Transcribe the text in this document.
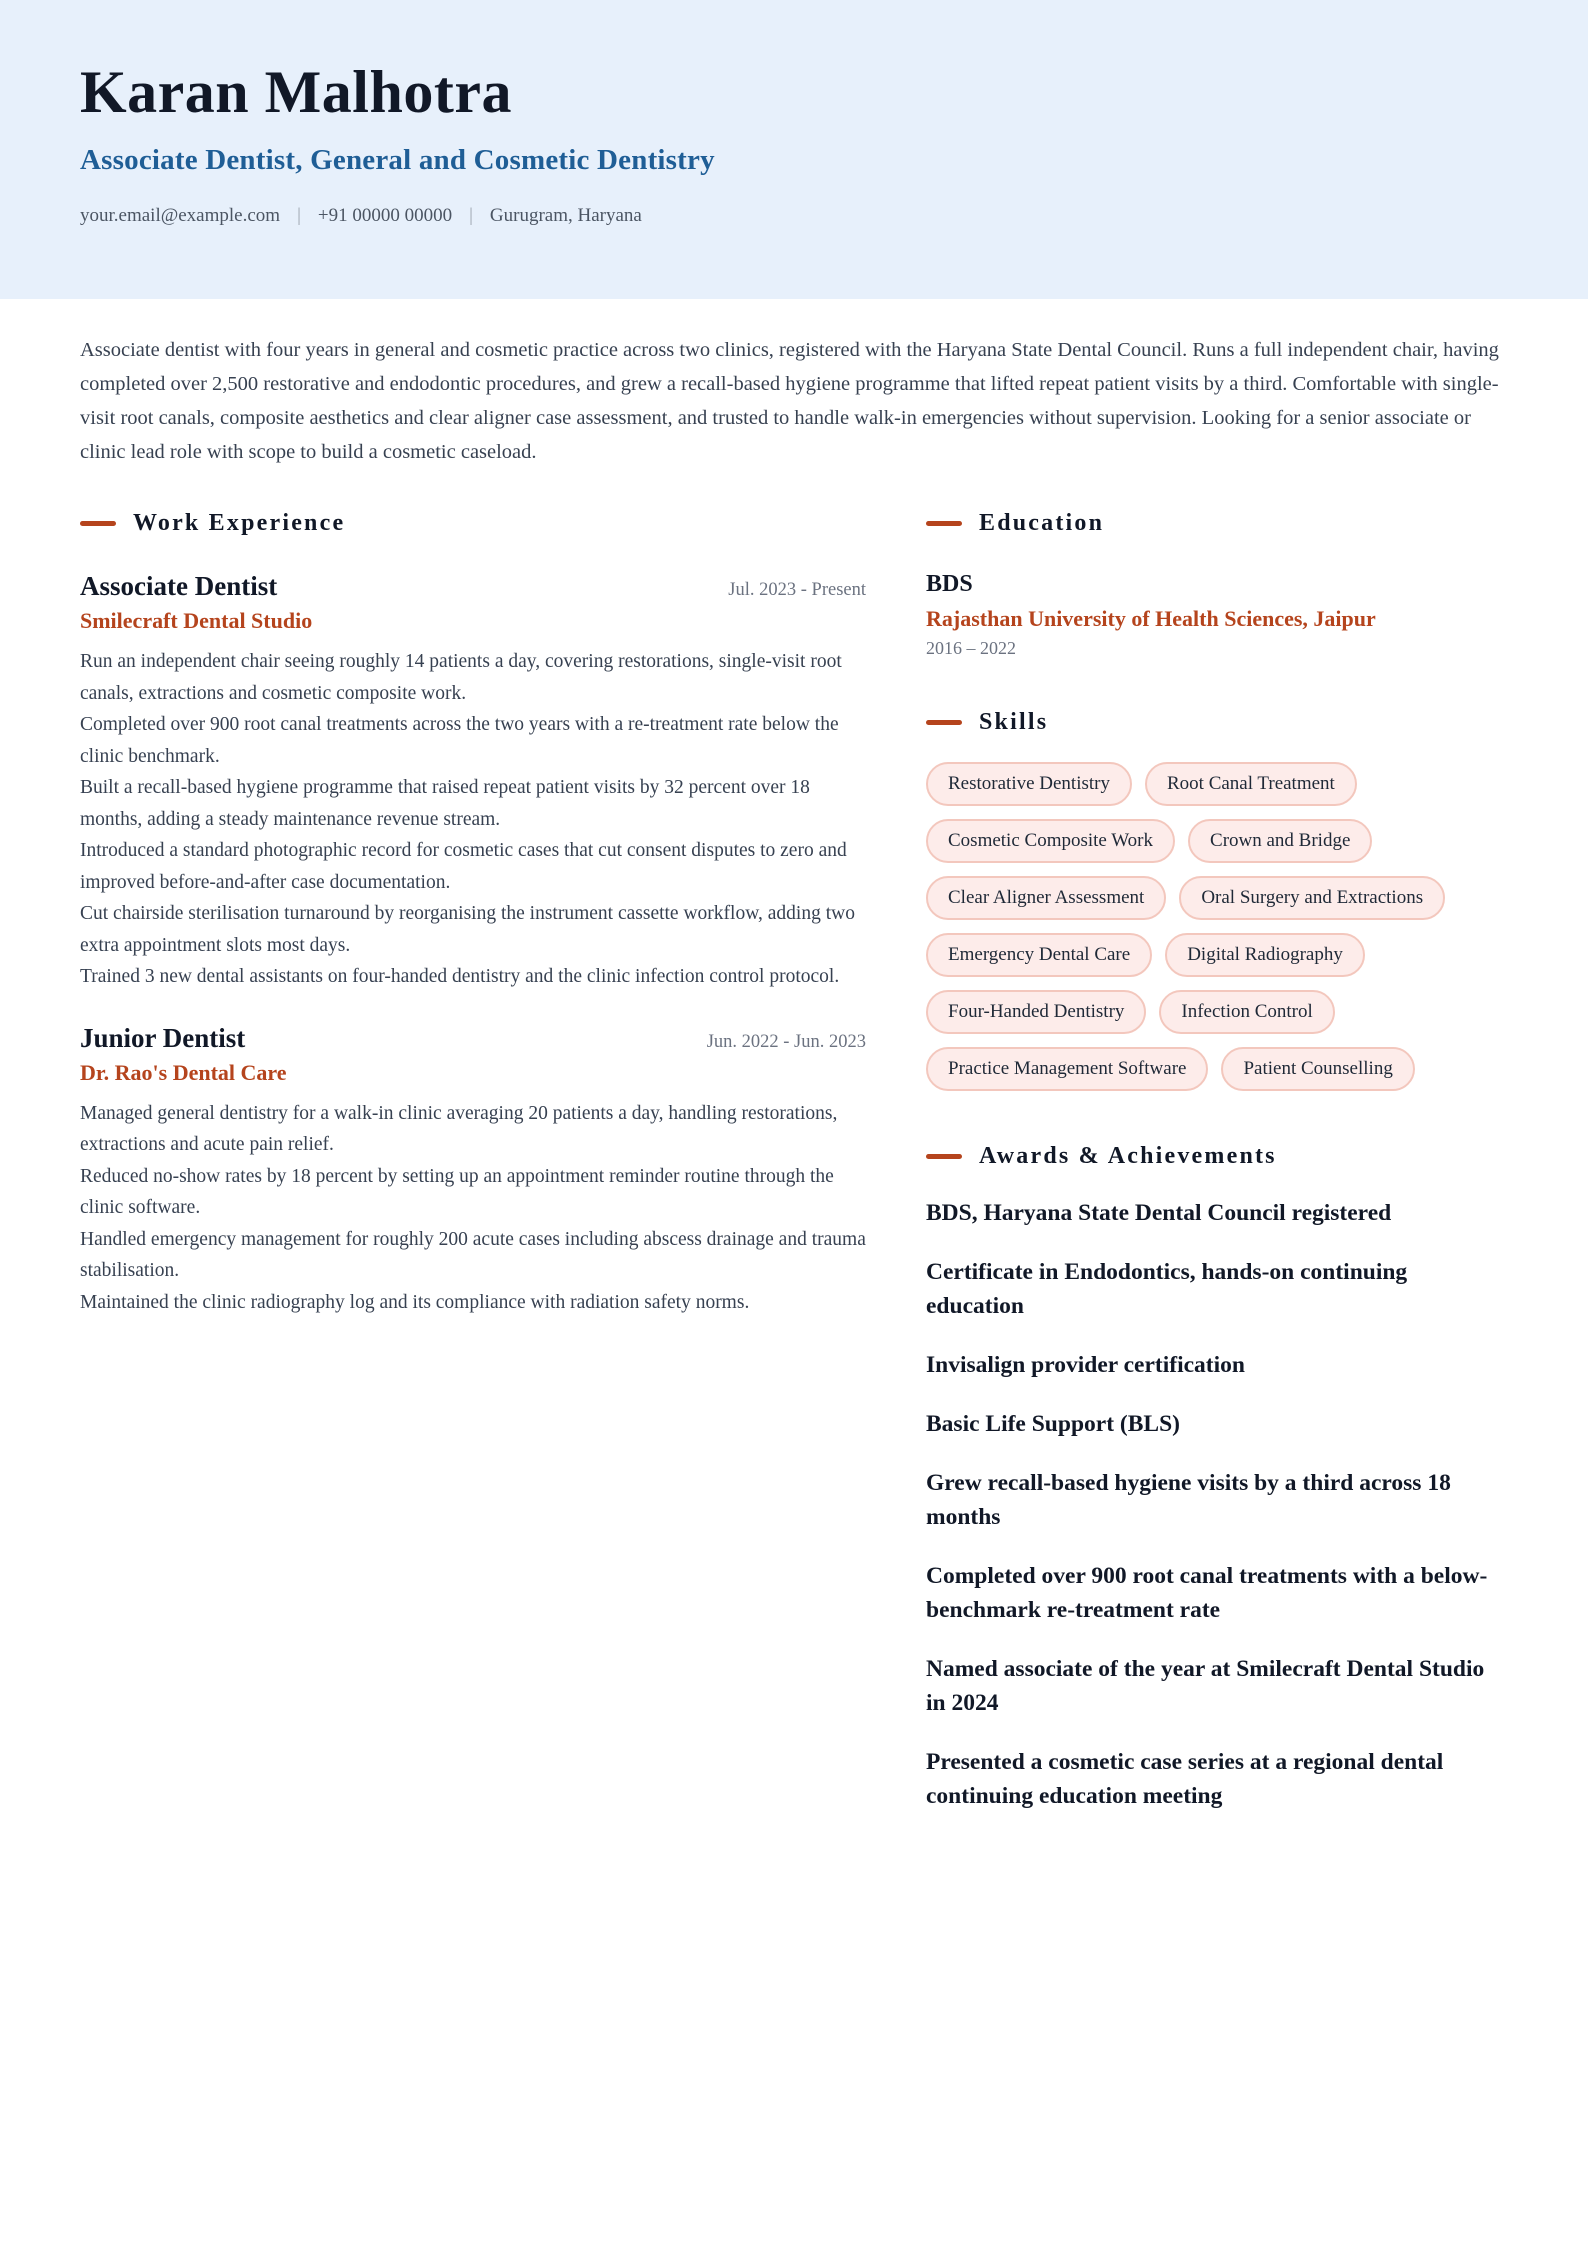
Karan Malhotra
Associate Dentist, General and Cosmetic Dentistry
your.email@example.com | +91 00000 00000 | Gurugram, Haryana

Associate dentist with four years in general and cosmetic practice across two clinics, registered with the Haryana State Dental Council. Runs a full independent chair, having completed over 2,500 restorative and endodontic procedures, and grew a recall-based hygiene programme that lifted repeat patient visits by a third. Comfortable with single-visit root canals, composite aesthetics and clear aligner case assessment, and trusted to handle walk-in emergencies without supervision. Looking for a senior associate or clinic lead role with scope to build a cosmetic caseload.

Work Experience
Associate Dentist	Jul. 2023 - Present
Smilecraft Dental Studio
Run an independent chair seeing roughly 14 patients a day, covering restorations, single-visit root canals, extractions and cosmetic composite work.
Completed over 900 root canal treatments across the two years with a re-treatment rate below the clinic benchmark.
Built a recall-based hygiene programme that raised repeat patient visits by 32 percent over 18 months, adding a steady maintenance revenue stream.
Introduced a standard photographic record for cosmetic cases that cut consent disputes to zero and improved before-and-after case documentation.
Cut chairside sterilisation turnaround by reorganising the instrument cassette workflow, adding two extra appointment slots most days.
Trained 3 new dental assistants on four-handed dentistry and the clinic infection control protocol.
Junior Dentist	Jun. 2022 - Jun. 2023
Dr. Rao's Dental Care
Managed general dentistry for a walk-in clinic averaging 20 patients a day, handling restorations, extractions and acute pain relief.
Reduced no-show rates by 18 percent by setting up an appointment reminder routine through the clinic software.
Handled emergency management for roughly 200 acute cases including abscess drainage and trauma stabilisation.
Maintained the clinic radiography log and its compliance with radiation safety norms.
Education
BDS
Rajasthan University of Health Sciences, Jaipur
2016 – 2022
Skills
Restorative Dentistry	Root Canal Treatment
Cosmetic Composite Work	Crown and Bridge
Clear Aligner Assessment	Oral Surgery and Extractions
Emergency Dental Care	Digital Radiography
Four-Handed Dentistry	Infection Control
Practice Management Software	Patient Counselling
Awards & Achievements
BDS, Haryana State Dental Council registered
Certificate in Endodontics, hands-on continuing education
Invisalign provider certification
Basic Life Support (BLS)
Grew recall-based hygiene visits by a third across 18 months
Completed over 900 root canal treatments with a below-benchmark re-treatment rate
Named associate of the year at Smilecraft Dental Studio in 2024
Presented a cosmetic case series at a regional dental continuing education meeting
